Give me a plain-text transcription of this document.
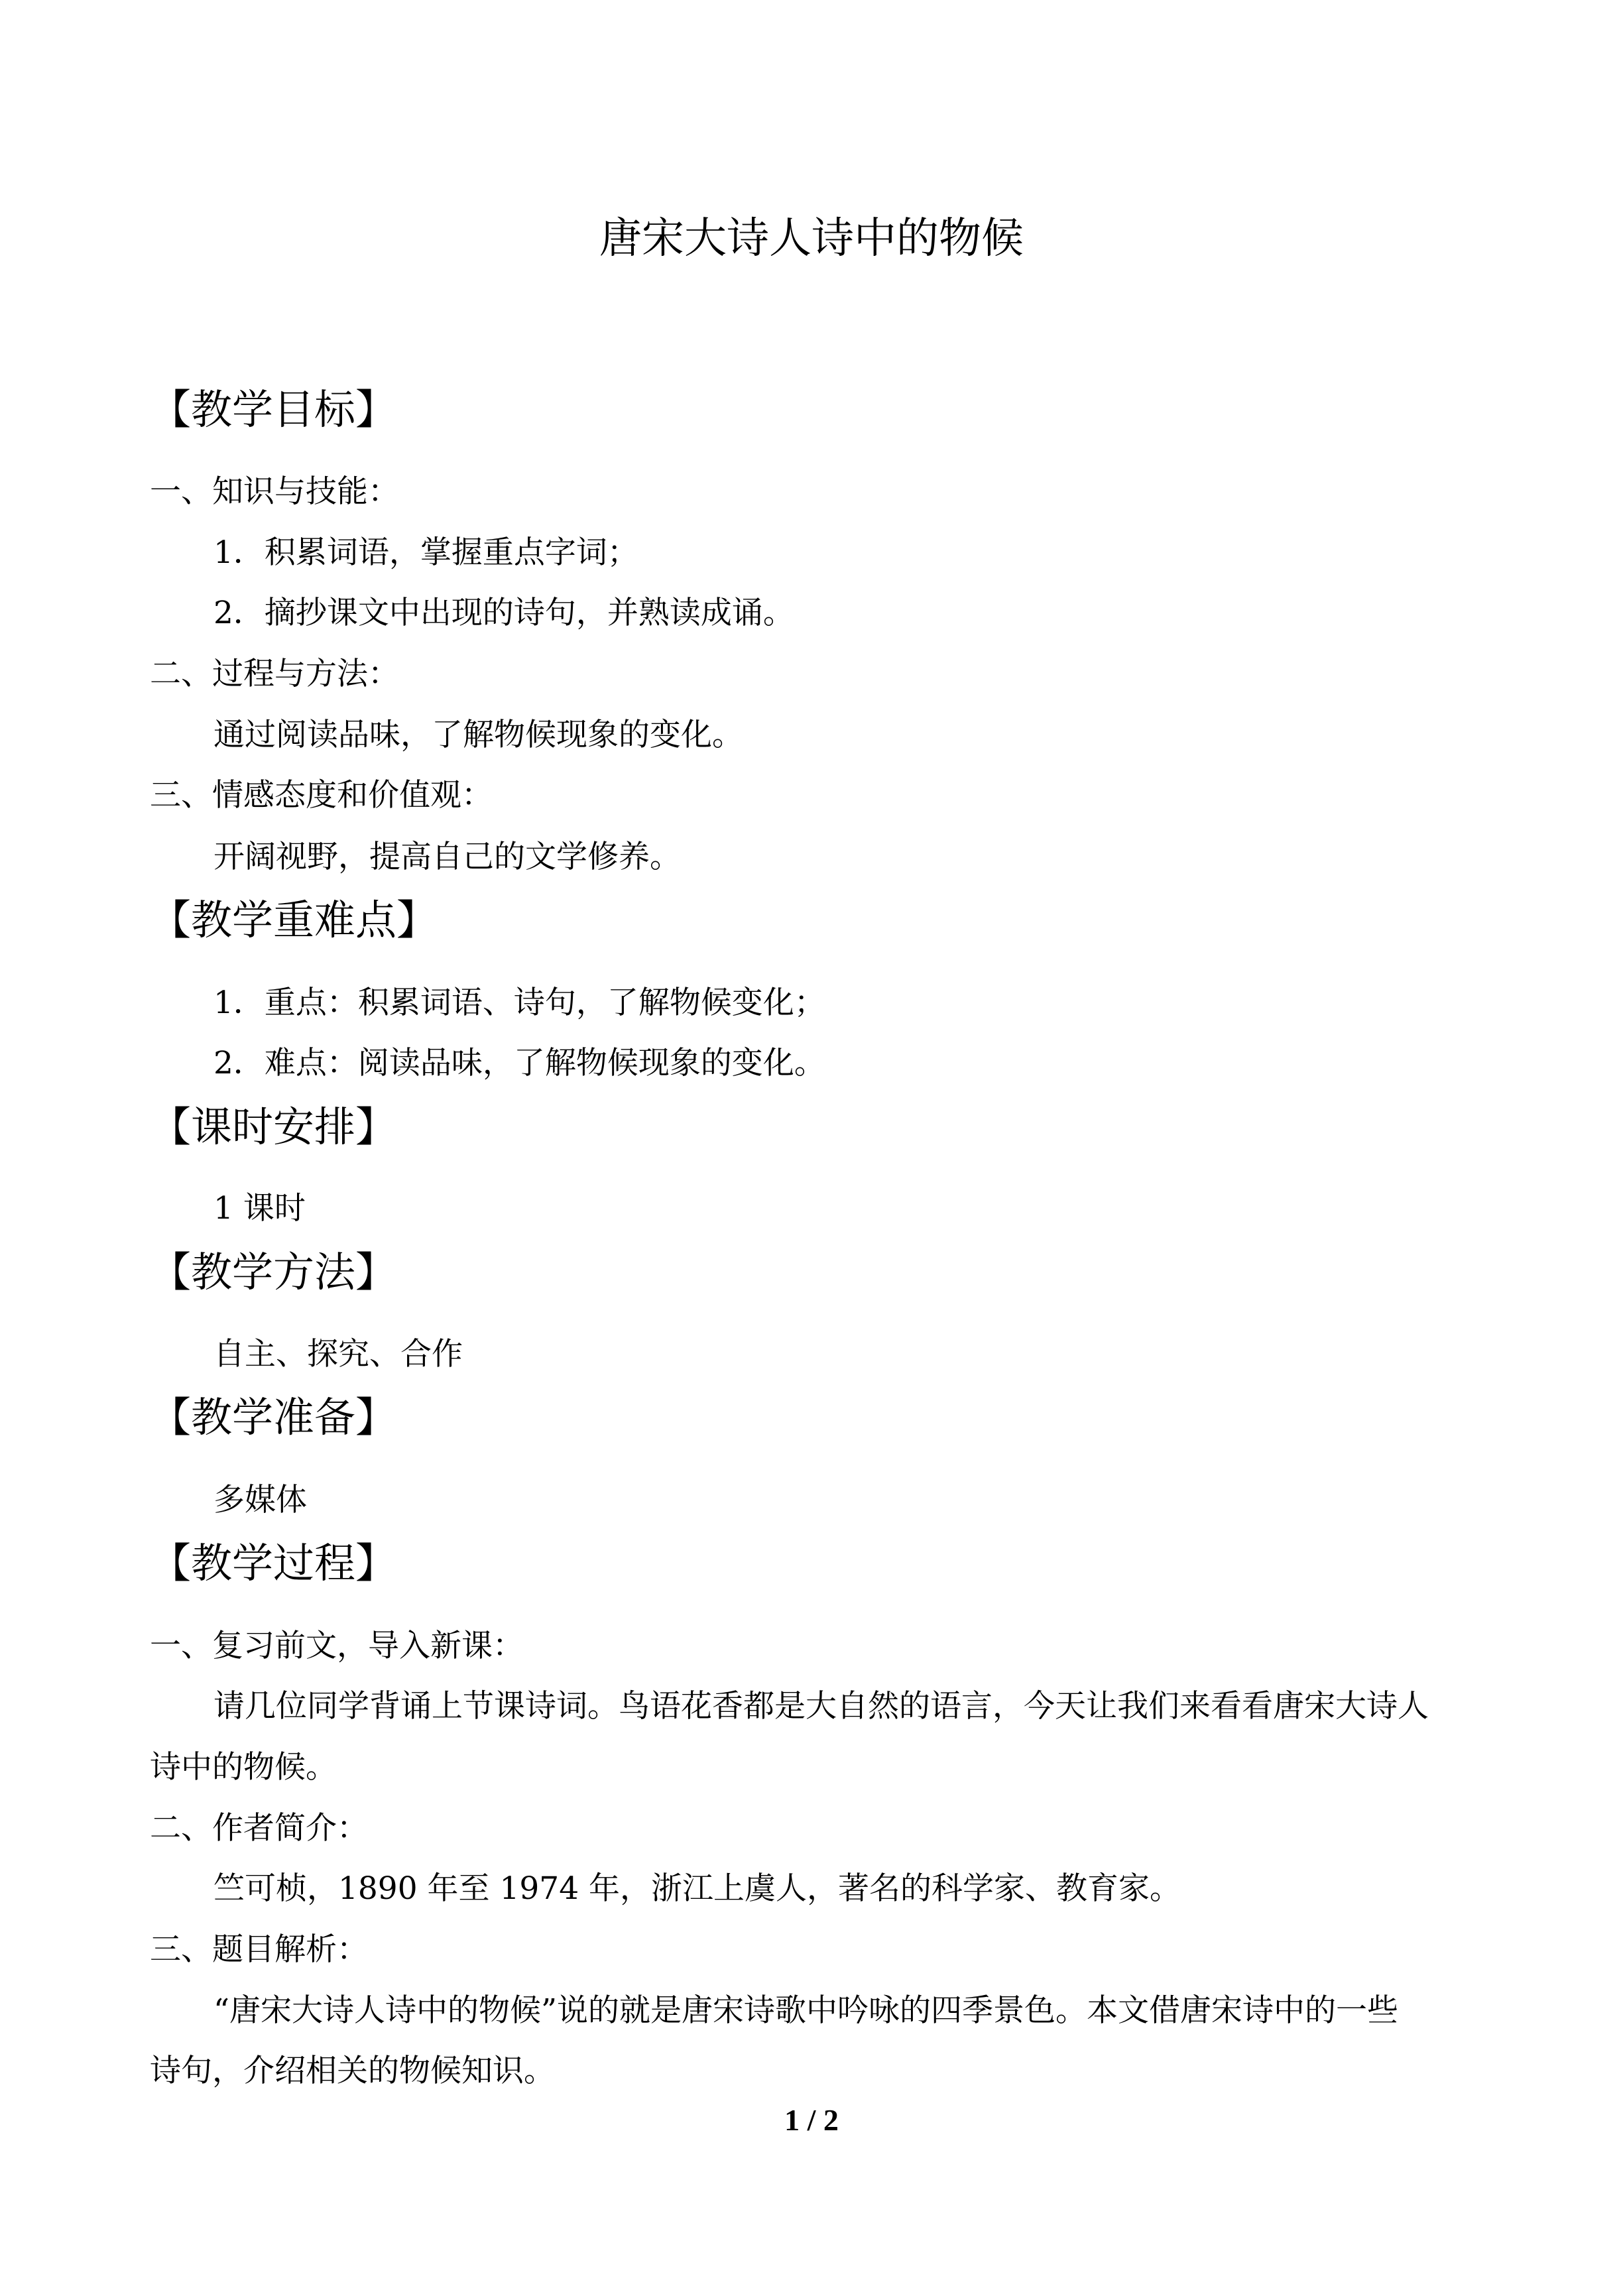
唐宋大诗人诗中的物候
【教学目标】
一、知识与技能：
1．积累词语，掌握重点字词；
2．摘抄课文中出现的诗句，并熟读成诵。
二、过程与方法：
通过阅读品味，了解物候现象的变化。
三、情感态度和价值观：
开阔视野，提高自己的文学修养。
【教学重难点】
1．重点：积累词语、诗句，了解物候变化；
2．难点：阅读品味，了解物候现象的变化。
【课时安排】
1 课时
【教学方法】
自主、探究、合作
【教学准备】
多媒体
【教学过程】
一、复习前文，导入新课：
请几位同学背诵上节课诗词。鸟语花香都是大自然的语言，今天让我们来看看唐宋大诗人
诗中的物候。
二、作者简介：
竺可桢，1890 年至 1974 年，浙江上虞人，著名的科学家、教育家。
三、题目解析：
“唐宋大诗人诗中的物候”说的就是唐宋诗歌中吟咏的四季景色。本文借唐宋诗中的一些
诗句，介绍相关的物候知识。
1 / 2
